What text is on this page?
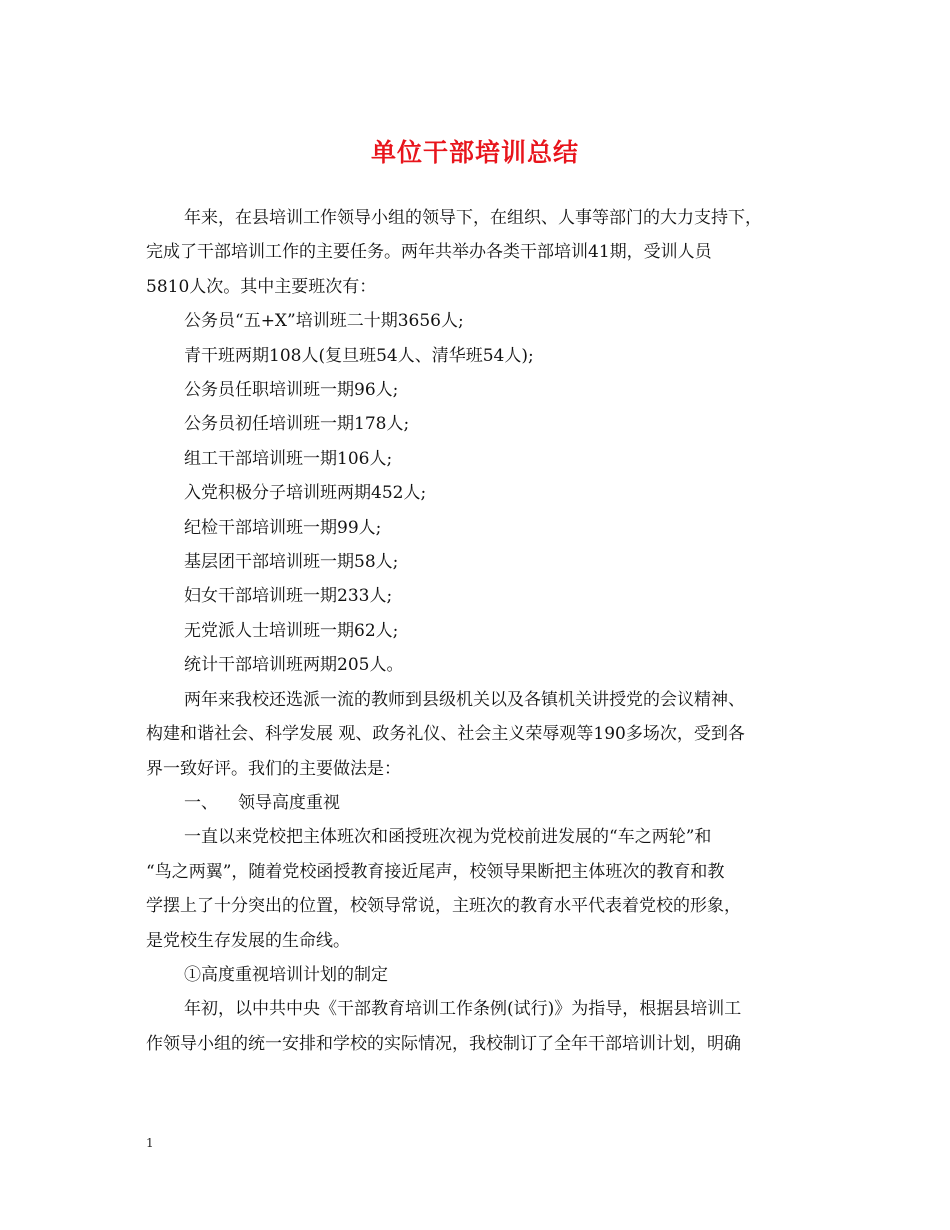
单位干部培训总结

年来，在县培训工作领导小组的领导下，在组织、人事等部门的大力支持下，
完成了干部培训工作的主要任务。两年共举办各类干部培训41期，受训人员
5810人次。其中主要班次有：

公务员“五+X”培训班二十期3656人;

青干班两期108人(复旦班54人、清华班54人);

公务员任职培训班一期96人;

公务员初任培训班一期178人;

组工干部培训班一期106人;

入党积极分子培训班两期452人;

纪检干部培训班一期99人;

基层团干部培训班一期58人;

妇女干部培训班一期233人;

无党派人士培训班一期62人;

统计干部培训班两期205人。

两年来我校还选派一流的教师到县级机关以及各镇机关讲授党的会议精神、
构建和谐社会、科学发展 观、政务礼仪、社会主义荣辱观等190多场次，受到各
界一致好评。我们的主要做法是：

一、 领导高度重视

一直以来党校把主体班次和函授班次视为党校前进发展的“车之两轮”和
“鸟之两翼”，随着党校函授教育接近尾声，校领导果断把主体班次的教育和教
学摆上了十分突出的位置，校领导常说，主班次的教育水平代表着党校的形象，
是党校生存发展的生命线。

①高度重视培训计划的制定

年初，以中共中央《干部教育培训工作条例(试行)》为指导，根据县培训工
作领导小组的统一安排和学校的实际情况，我校制订了全年干部培训计划，明确

1
